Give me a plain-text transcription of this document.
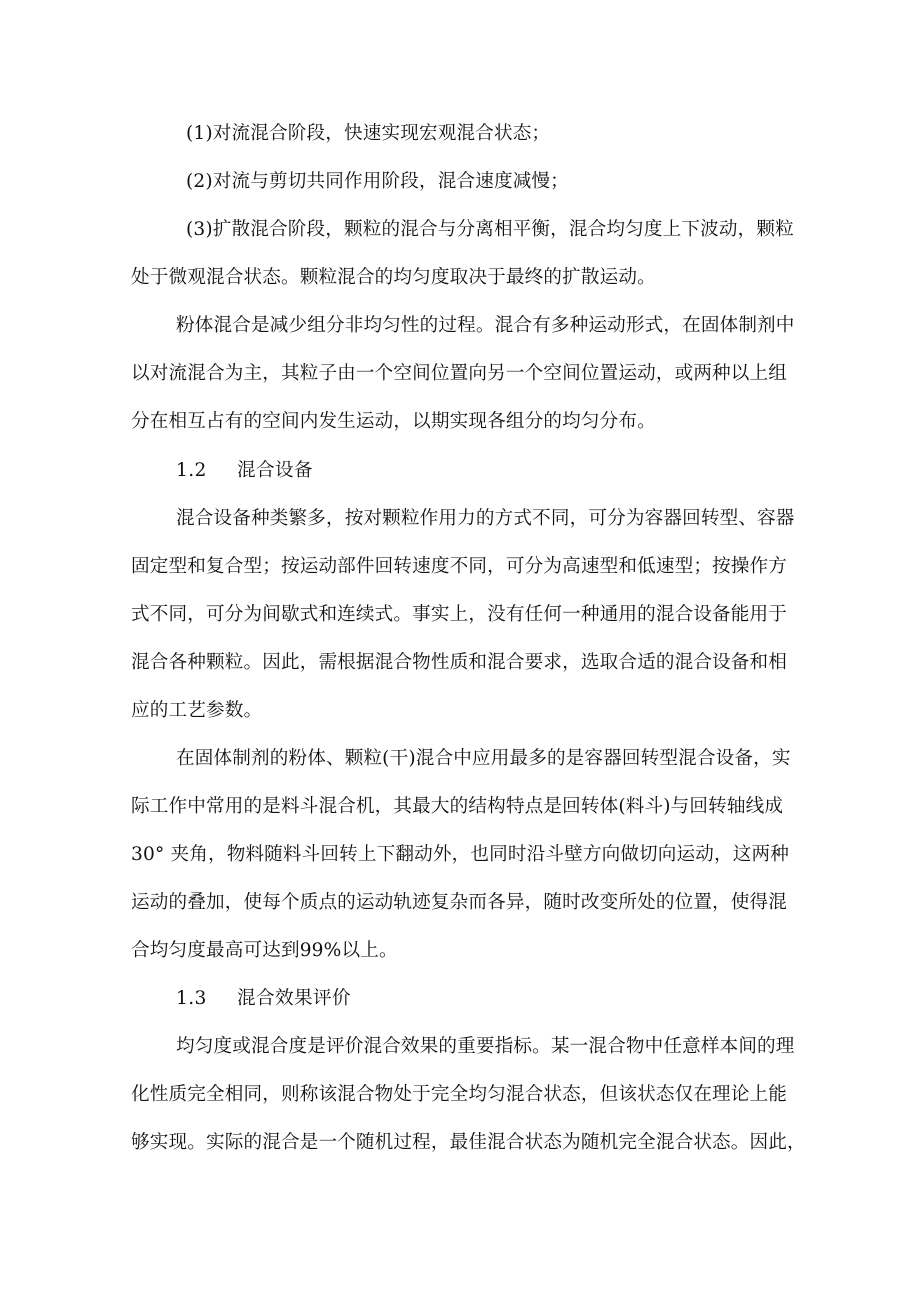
(1)对流混合阶段，快速实现宏观混合状态；
(2)对流与剪切共同作用阶段，混合速度减慢；
(3)扩散混合阶段，颗粒的混合与分离相平衡，混合均匀度上下波动，颗粒
处于微观混合状态。颗粒混合的均匀度取决于最终的扩散运动。
粉体混合是减少组分非均匀性的过程。混合有多种运动形式，在固体制剂中
以对流混合为主，其粒子由一个空间位置向另一个空间位置运动，或两种以上组
分在相互占有的空间内发生运动，以期实现各组分的均匀分布。
1.2 混合设备
混合设备种类繁多，按对颗粒作用力的方式不同，可分为容器回转型、容器
固定型和复合型；按运动部件回转速度不同，可分为高速型和低速型；按操作方
式不同，可分为间歇式和连续式。事实上，没有任何一种通用的混合设备能用于
混合各种颗粒。因此，需根据混合物性质和混合要求，选取合适的混合设备和相
应的工艺参数。
在固体制剂的粉体、颗粒(干)混合中应用最多的是容器回转型混合设备，实
际工作中常用的是料斗混合机，其最大的结构特点是回转体(料斗)与回转轴线成
30° 夹角，物料随料斗回转上下翻动外，也同时沿斗壁方向做切向运动，这两种
运动的叠加，使每个质点的运动轨迹复杂而各异，随时改变所处的位置，使得混
合均匀度最高可达到99%以上。
1.3 混合效果评价
均匀度或混合度是评价混合效果的重要指标。某一混合物中任意样本间的理
化性质完全相同，则称该混合物处于完全均匀混合状态，但该状态仅在理论上能
够实现。实际的混合是一个随机过程，最佳混合状态为随机完全混合状态。因此，
